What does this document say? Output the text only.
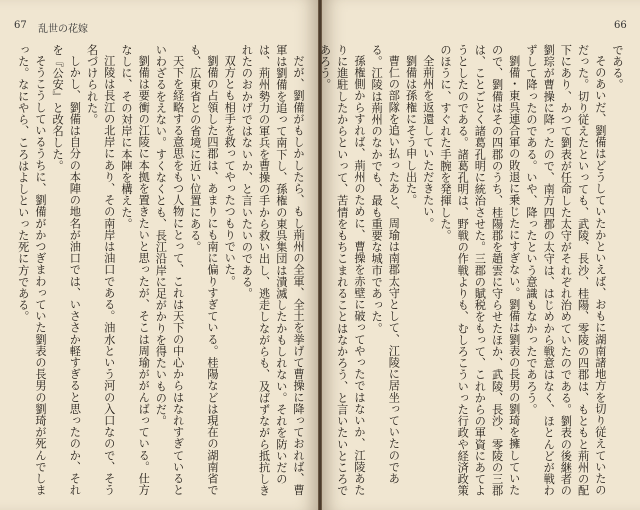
67 乱世の花嫁
だが、劉備がもしかしたら、もし荊州の全軍、全土を挙げて曹操に降っておれば、曹軍は劉備を追って南下し、孫権の東呉集団は潰滅したかもしれない。それを防いだのは、荊州勢力の軍兵を曹操の手から救い出し、逃走しながらも、及ばずながら抵抗しきれたのおかげではないか、と言いたいのである。
双方とも相手を救ってやったつもりでいた。
劉備の占領した四郡は、あまりにも南に偏りすぎている。桂陽などは現在の湖南省でも、広東省との省境に近い位置にある。
天下を経略する意思をもつ人物にとって、これは天下の中心からはなれすぎているといわざるをえない。すくなくとも、長江沿岸に足がかりを得たいものだ。
劉備は要衝の江陵に本拠を置きたいと思ったが、そこは周瑜ががんばっている。仕方なしに、その対岸に本陣を構えた。
江陵は長江の北岸にあり、その南岸は油口である。油水という河の入口なので、そう名づけられた。
しかし、劉備は自分の本陣の地名が油口では、いささか軽すぎると思ったのか、それを『公安』と改名した。
そうこうしているうちに、劉備がかつぎまわっていた劉表の長男の劉琦が死んでしまった。なにやら、ころはよしといった死に方である。
66
である。
そのあいだ、劉備はどうしていたかといえば、おもに湖南諸地方を切り従えていたのだった。切り従えたといっても、武陵、長沙、桂陽、零陵の四郡は、もともと荊州の配下にあり、かつて劉表が任命した太守がそれぞれ治めていたのである。劉表の後継者の劉琮が曹操に降ったので、南方四郡の太守は、はじめから戦意はなく、ほとんどが戦わずして降ったのである。いや、降ったという意識もなかったであろう。
劉備・東呉連合軍の敗退に乗じたにすぎない。劉備は劉表の長男の劉琦を擁していたので、劉備はその四郡のうち、桂陽郡を趙雲に守らせたほか、武陵、長沙、零陵の三郡は、ことごとく諸葛孔明に統治させた。三郡の賦税をもって、これからの軍資にあてようとしたのである。諸葛孔明は、野戦の作戦よりも、むしろこういった行政や経済政策のほうに、すぐれた手腕を発揮した。
全荊州を返還していただきたい。
劉備は孫権にそう申し出た。
曹仁の部隊を追い払ったあと、周瑜は南郡太守として、江陵に居坐っていたのである。江陵は荊州のなかでも、最も重要な城市であった。
孫権側からすれば、荊州のために、曹操を赤壁に破ってやったではないか、江陵あたりに進駐したからといって、苦情をもちこまれることはなかろう、と言いたいところであろう。
